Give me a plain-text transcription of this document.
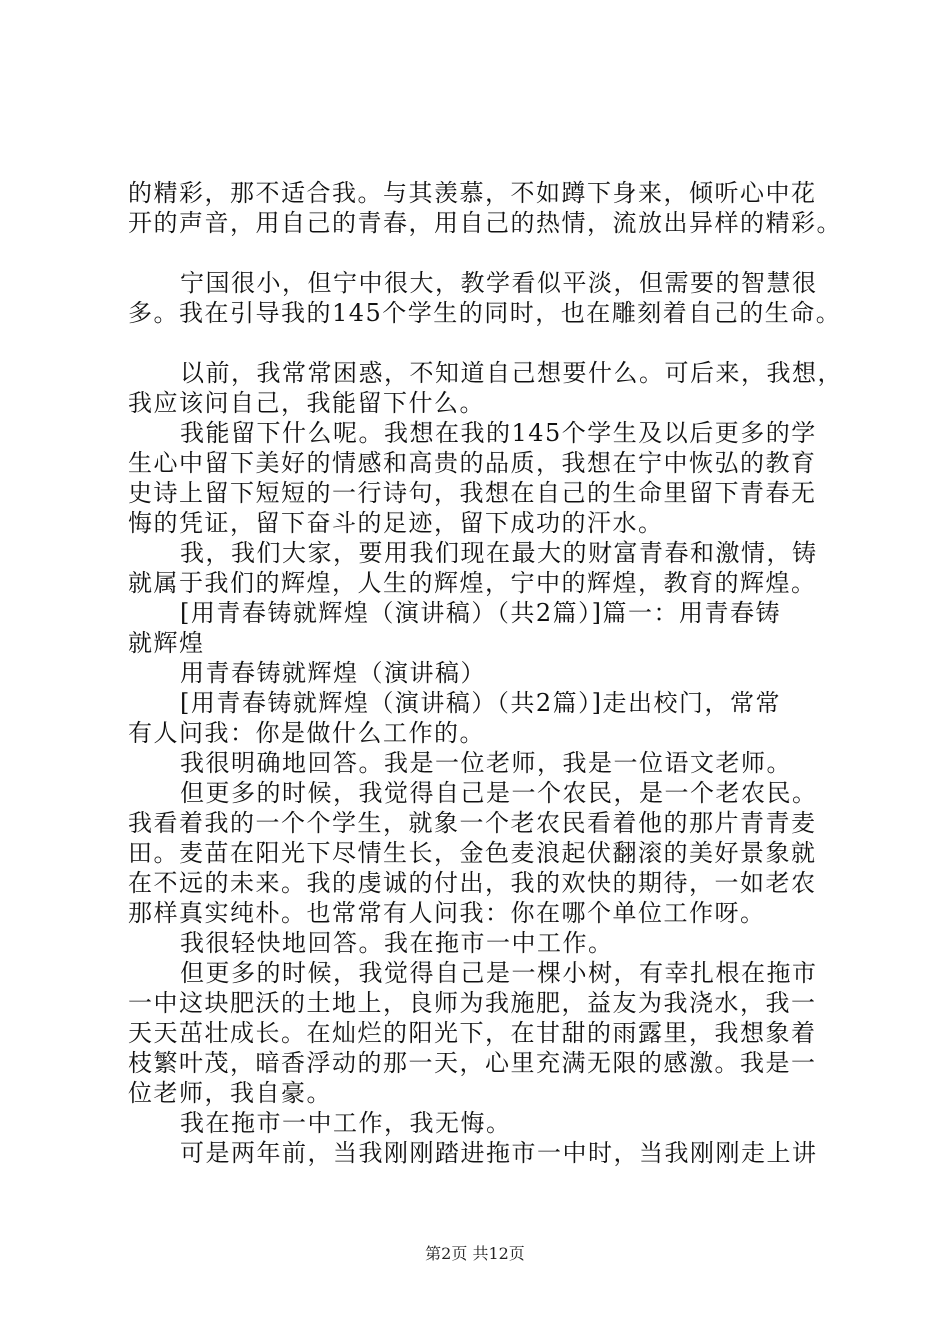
的精彩，那不适合我。与其羡慕，不如蹲下身来，倾听心中花
开的声音，用自己的青春，用自己的热情，流放出异样的精彩。
宁国很小，但宁中很大，教学看似平淡，但需要的智慧很
多。我在引导我的145个学生的同时，也在雕刻着自己的生命。
以前，我常常困惑，不知道自己想要什么。可后来，我想，
我应该问自己，我能留下什么。
我能留下什么呢。我想在我的145个学生及以后更多的学
生心中留下美好的情感和高贵的品质，我想在宁中恢弘的教育
史诗上留下短短的一行诗句，我想在自己的生命里留下青春无
悔的凭证，留下奋斗的足迹，留下成功的汗水。
我，我们大家，要用我们现在最大的财富青春和激情，铸
就属于我们的辉煌，人生的辉煌，宁中的辉煌，教育的辉煌。
[用青春铸就辉煌（演讲稿）（共2篇）]篇一：用青春铸
就辉煌
用青春铸就辉煌（演讲稿）
[用青春铸就辉煌（演讲稿）（共2篇）]走出校门，常常
有人问我：你是做什么工作的。
我很明确地回答。我是一位老师，我是一位语文老师。
但更多的时候，我觉得自己是一个农民，是一个老农民。
我看着我的一个个学生，就象一个老农民看着他的那片青青麦
田。麦苗在阳光下尽情生长，金色麦浪起伏翻滚的美好景象就
在不远的未来。我的虔诚的付出，我的欢快的期待，一如老农
那样真实纯朴。也常常有人问我：你在哪个单位工作呀。
我很轻快地回答。我在拖市一中工作。
但更多的时候，我觉得自己是一棵小树，有幸扎根在拖市
一中这块肥沃的土地上，良师为我施肥，益友为我浇水，我一
天天茁壮成长。在灿烂的阳光下，在甘甜的雨露里，我想象着
枝繁叶茂，暗香浮动的那一天，心里充满无限的感激。我是一
位老师，我自豪。
我在拖市一中工作，我无悔。
可是两年前，当我刚刚踏进拖市一中时，当我刚刚走上讲
第2页 共12页
